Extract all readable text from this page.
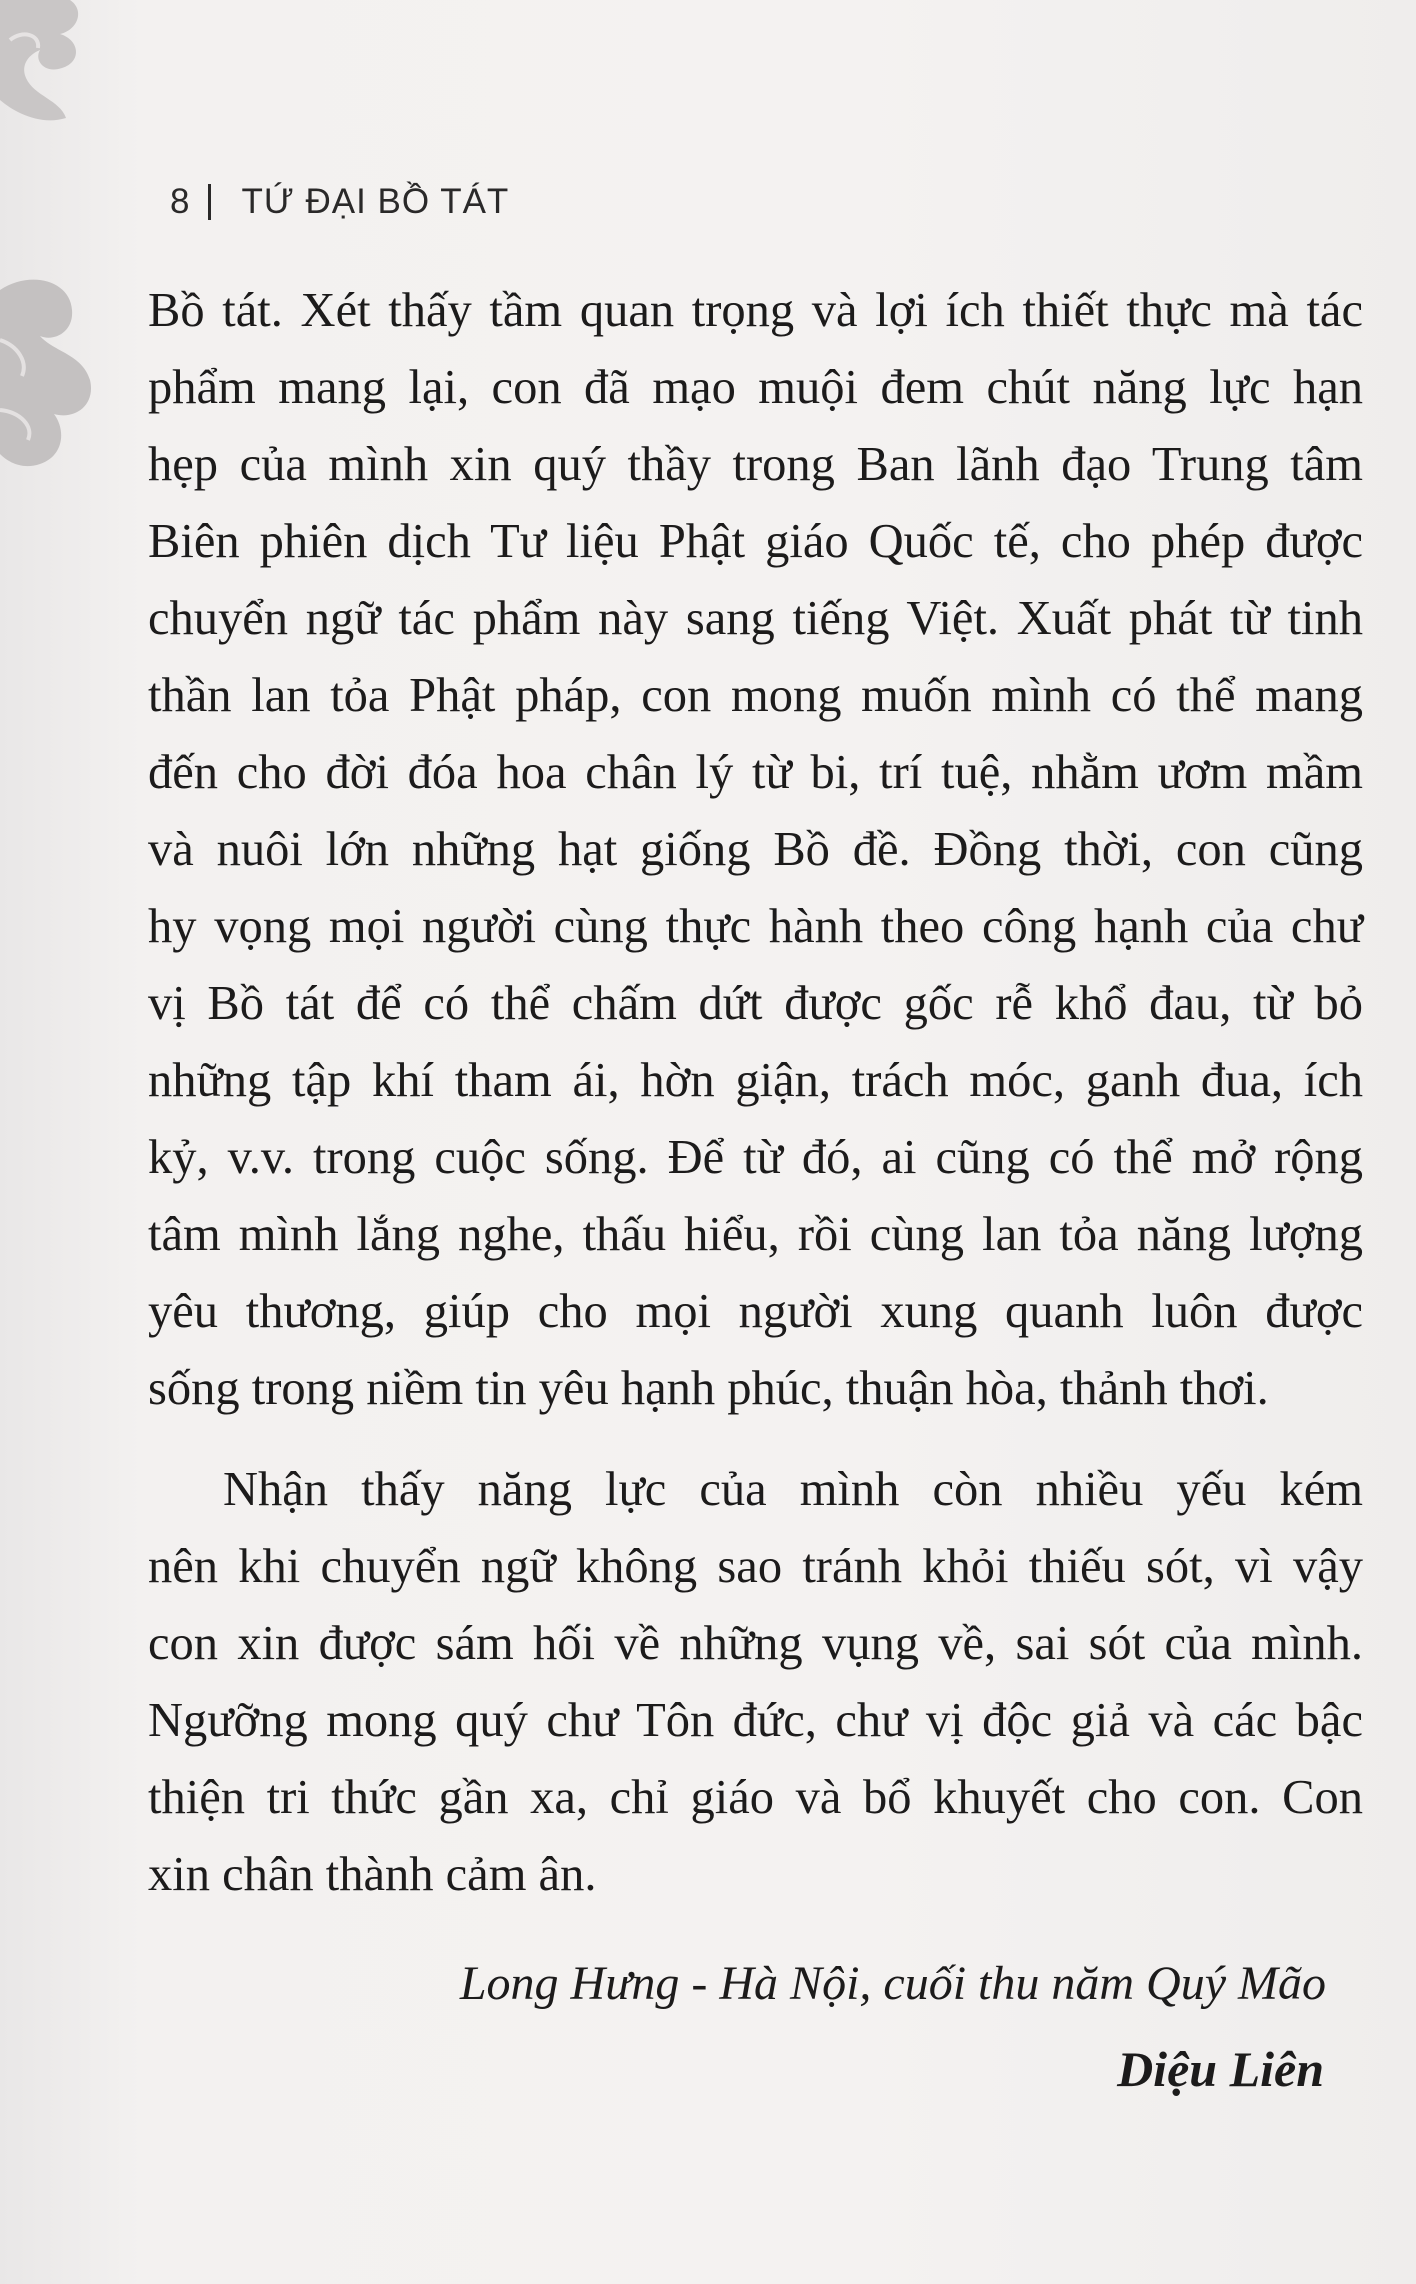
8 TỨ ĐẠI BỒ TÁT

Bồ tát. Xét thấy tầm quan trọng và lợi ích thiết thực mà tác
phẩm mang lại, con đã mạo muội đem chút năng lực hạn
hẹp của mình xin quý thầy trong Ban lãnh đạo Trung tâm
Biên phiên dịch Tư liệu Phật giáo Quốc tế, cho phép được
chuyển ngữ tác phẩm này sang tiếng Việt. Xuất phát từ tinh
thần lan tỏa Phật pháp, con mong muốn mình có thể mang
đến cho đời đóa hoa chân lý từ bi, trí tuệ, nhằm ươm mầm
và nuôi lớn những hạt giống Bồ đề. Đồng thời, con cũng
hy vọng mọi người cùng thực hành theo công hạnh của chư
vị Bồ tát để có thể chấm dứt được gốc rễ khổ đau, từ bỏ
những tập khí tham ái, hờn giận, trách móc, ganh đua, ích
kỷ, v.v. trong cuộc sống. Để từ đó, ai cũng có thể mở rộng
tâm mình lắng nghe, thấu hiểu, rồi cùng lan tỏa năng lượng
yêu thương, giúp cho mọi người xung quanh luôn được
sống trong niềm tin yêu hạnh phúc, thuận hòa, thảnh thơi.

Nhận thấy năng lực của mình còn nhiều yếu kém
nên khi chuyển ngữ không sao tránh khỏi thiếu sót, vì vậy
con xin được sám hối về những vụng về, sai sót của mình.
Ngưỡng mong quý chư Tôn đức, chư vị độc giả và các bậc
thiện tri thức gần xa, chỉ giáo và bổ khuyết cho con. Con
xin chân thành cảm ân.

Long Hưng - Hà Nội, cuối thu năm Quý Mão
Diệu Liên
